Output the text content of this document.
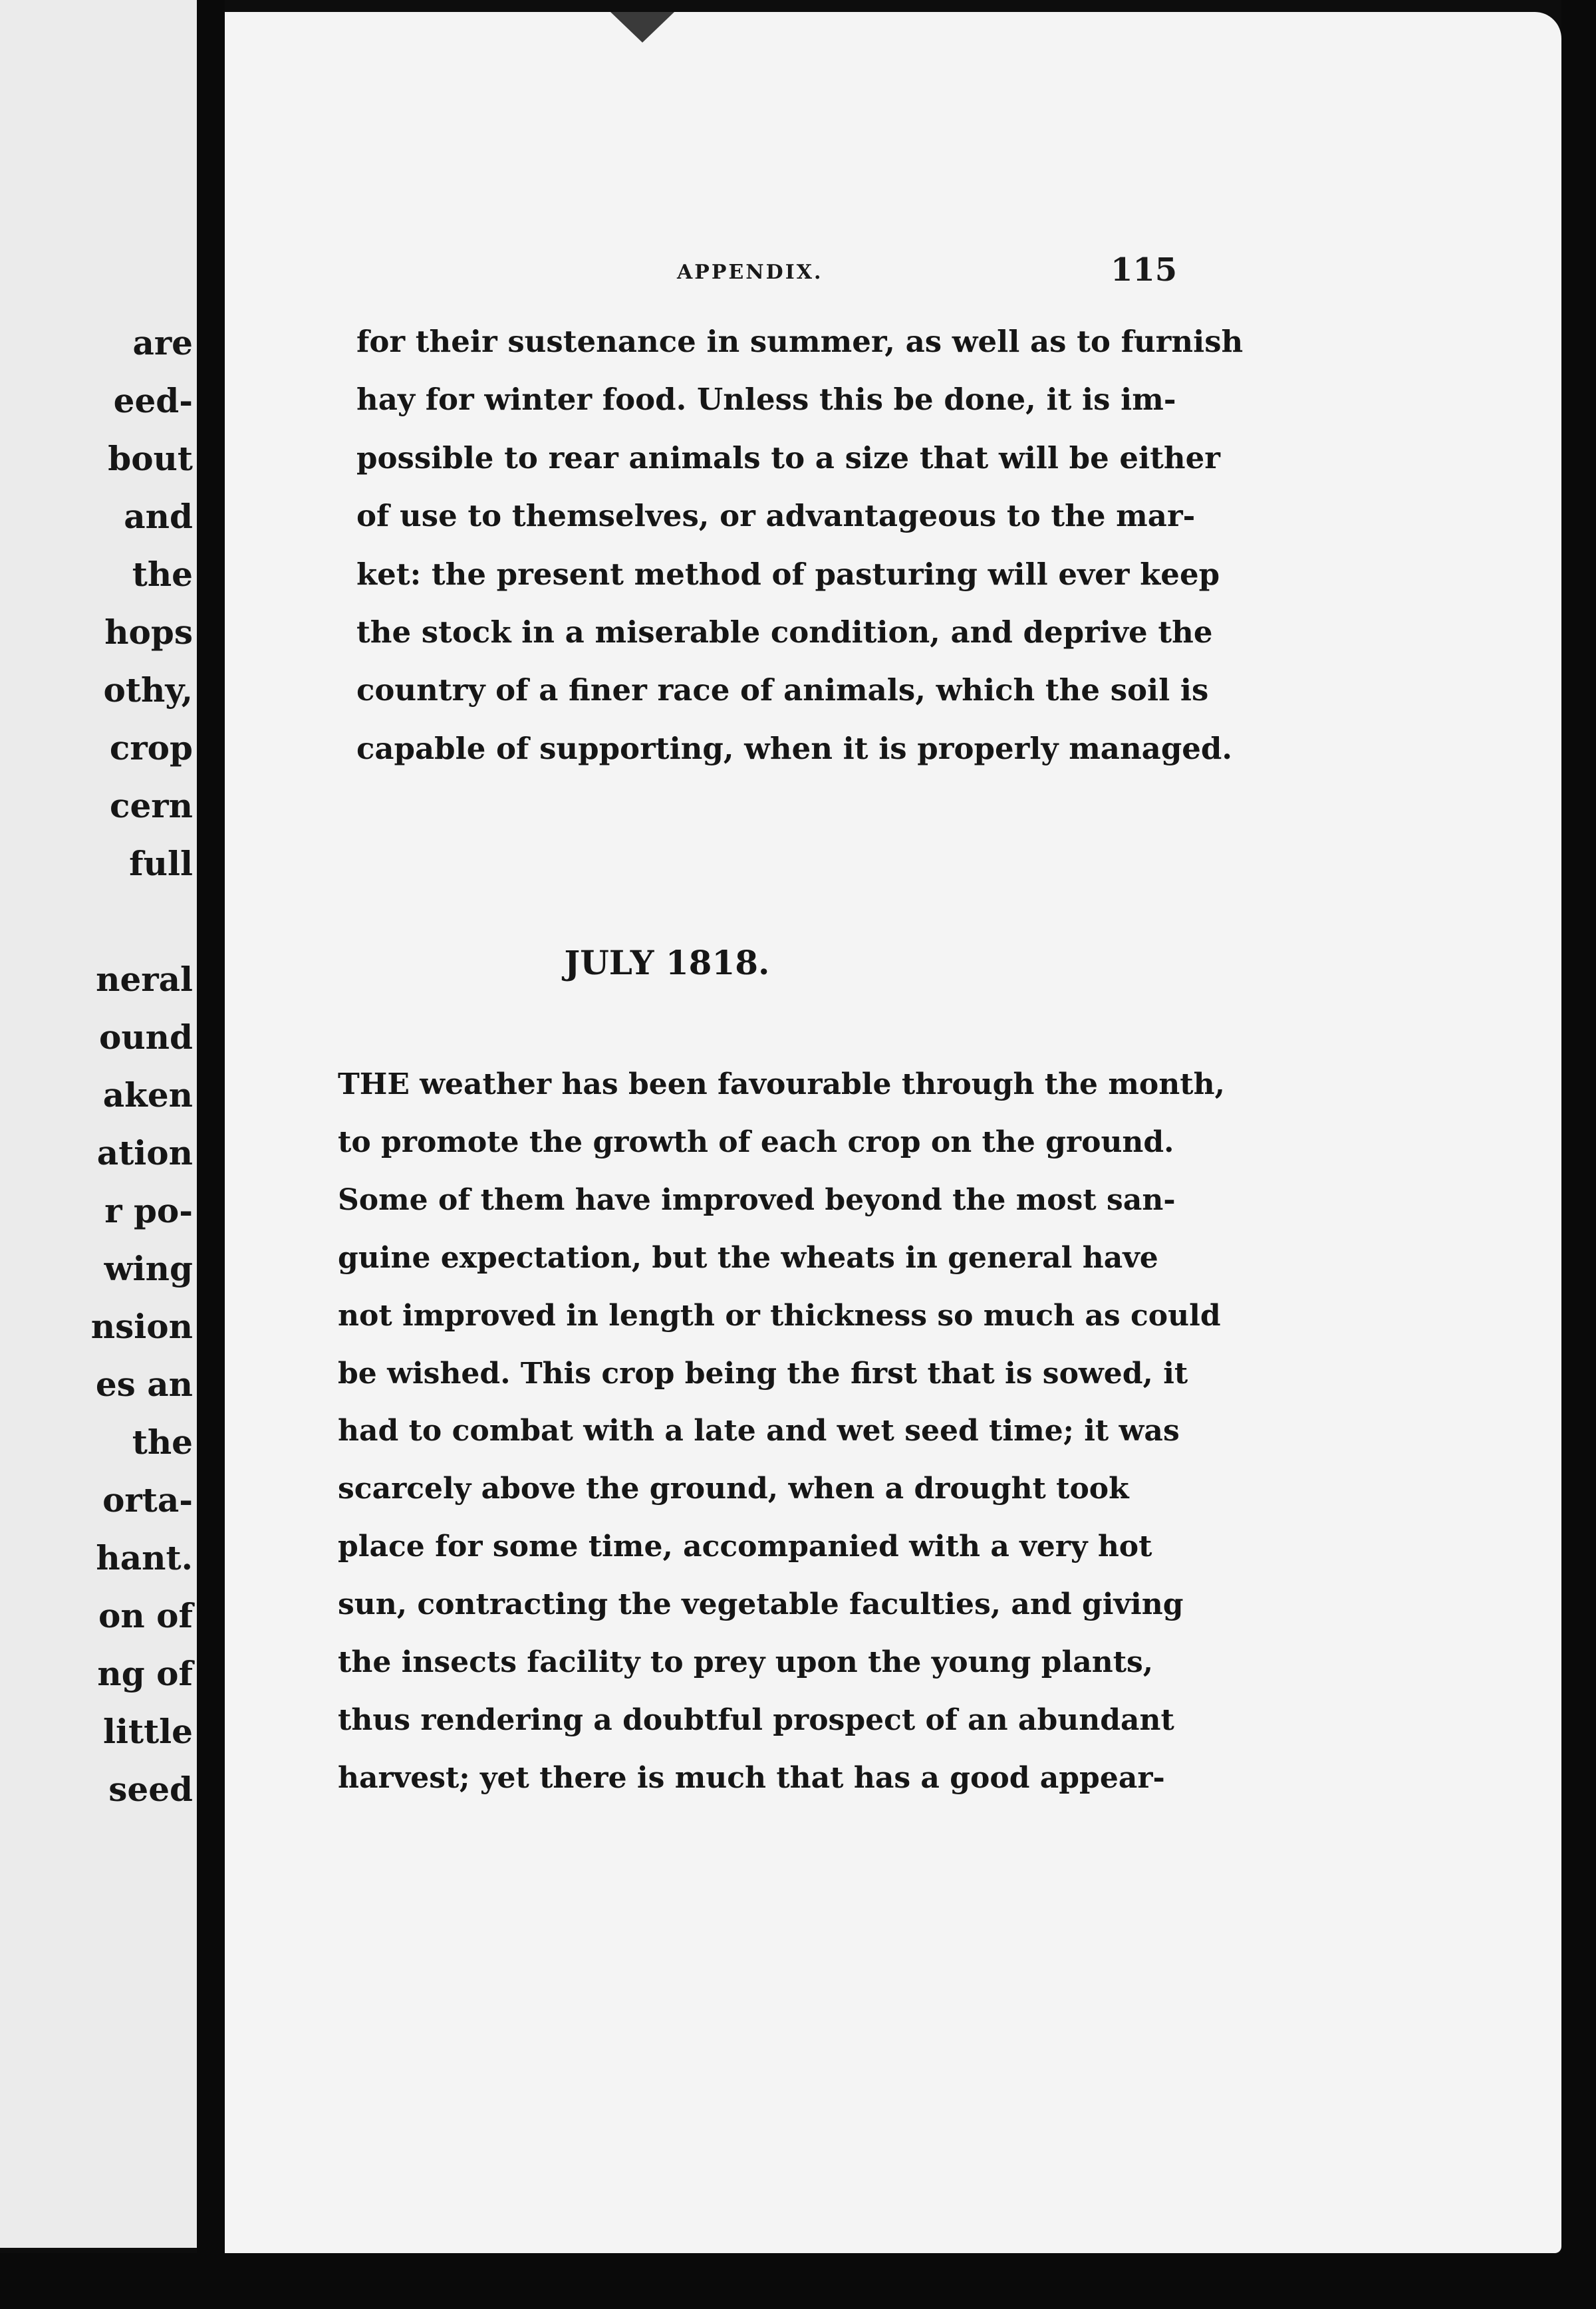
are
eed-
bout
and
the
hops
othy,
crop
cern
full

neral
ound
aken
ation
r po-
wing
nsion
es an
the
orta-
hant.
on of
ng of
little
seed
APPENDIX.	115
for their sustenance in summer, as well as to furnish
hay for winter food. Unless this be done, it is im-
possible to rear animals to a size that will be either
of use to themselves, or advantageous to the mar-
ket: the present method of pasturing will ever keep
the stock in a miserable condition, and deprive the
country of a finer race of animals, which the soil is
capable of supporting, when it is properly managed.
JULY 1818.
THE weather has been favourable through the month,
to promote the growth of each crop on the ground.
Some of them have improved beyond the most san-
guine expectation, but the wheats in general have
not improved in length or thickness so much as could
be wished. This crop being the first that is sowed, it
had to combat with a late and wet seed time; it was
scarcely above the ground, when a drought took
place for some time, accompanied with a very hot
sun, contracting the vegetable faculties, and giving
the insects facility to prey upon the young plants,
thus rendering a doubtful prospect of an abundant
harvest; yet there is much that has a good appear-
